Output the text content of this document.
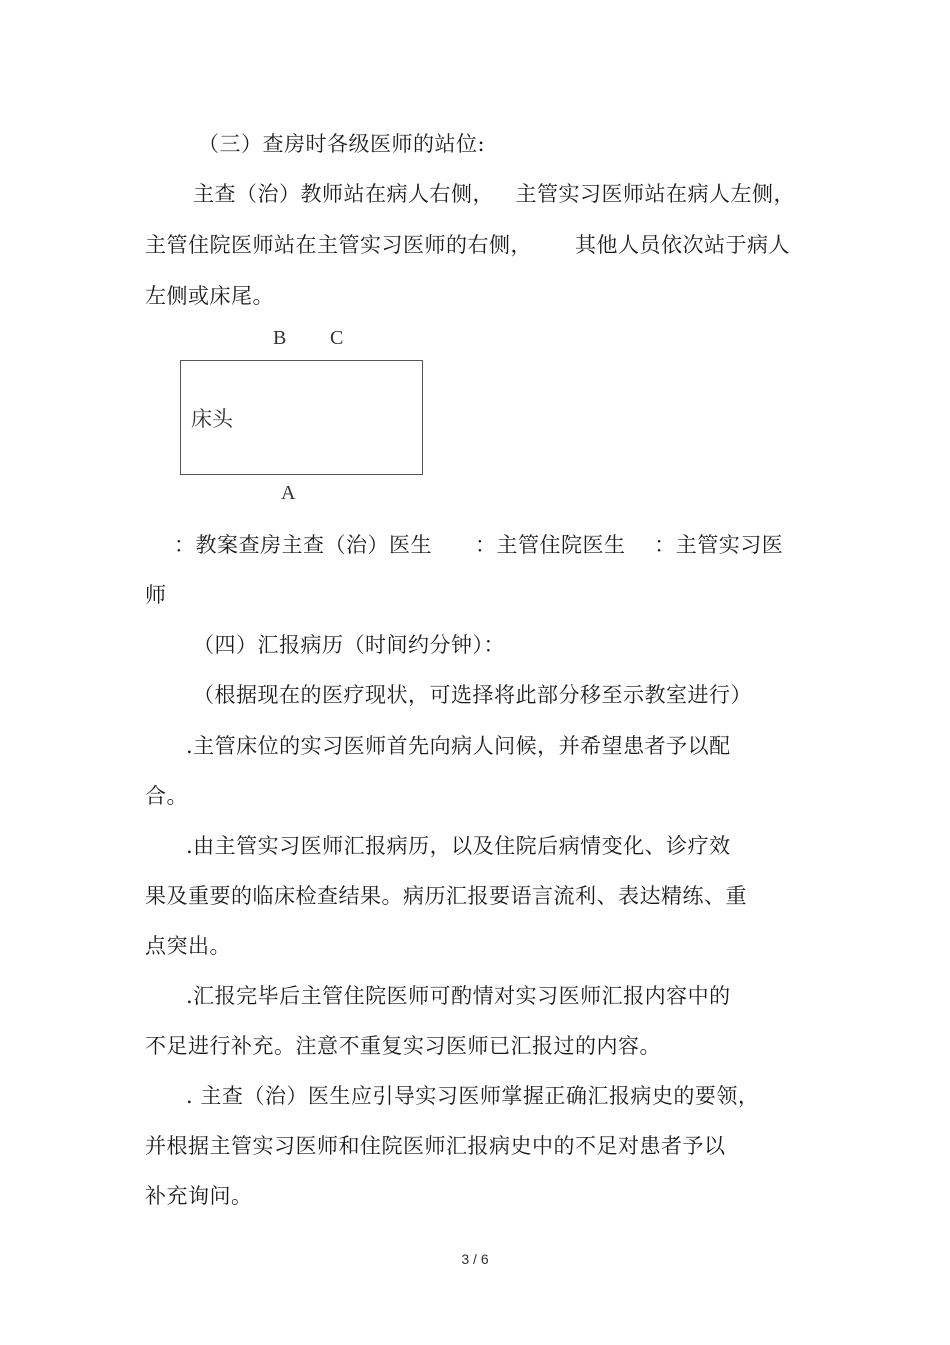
（三）查房时各级医师的站位:
主查（治）教师站在病人右侧，   主管实习医师站在病人左侧，
主管住院医师站在主管实习医师的右侧，      其他人员依次站于病人
左侧或床尾。
B C
床头
A
：教案查房主查（治）医生      ：主管住院医生    ：主管实习医
师
（四）汇报病历（时间约分钟）：
（根据现在的医疗现状，可选择将此部分移至示教室进行）
.主管床位的实习医师首先向病人问候，并希望患者予以配
合。
.由主管实习医师汇报病历，以及住院后病情变化、诊疗效
果及重要的临床检查结果。病历汇报要语言流利、表达精练、重
点突出。
.汇报完毕后主管住院医师可酌情对实习医师汇报内容中的
不足进行补充。注意不重复实习医师已汇报过的内容。
. 主查（治）医生应引导实习医师掌握正确汇报病史的要领，
并根据主管实习医师和住院医师汇报病史中的不足对患者予以
补充询问。
3 / 6
